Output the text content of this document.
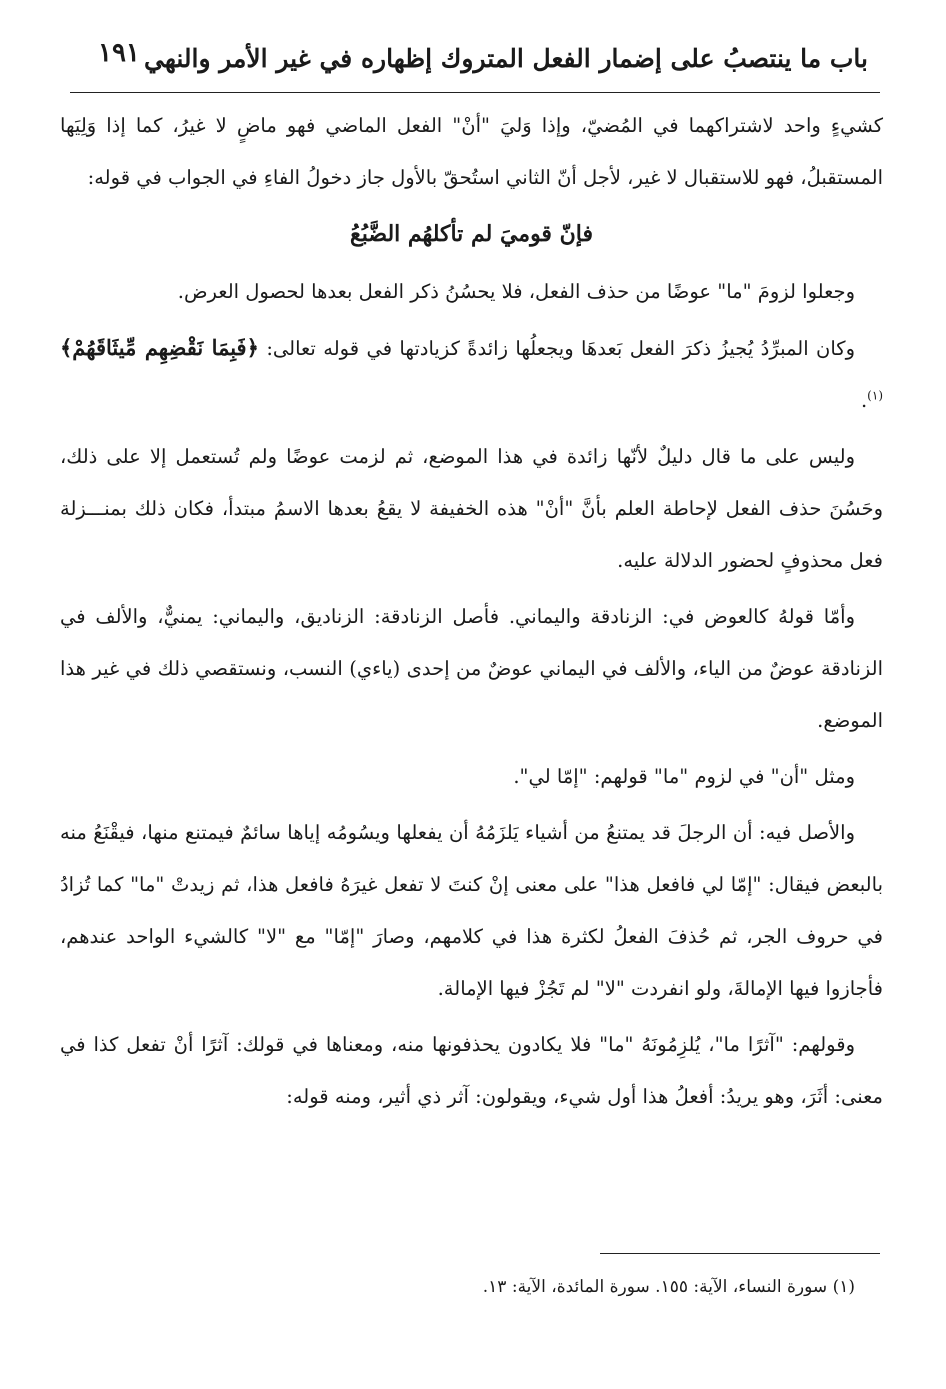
باب ما ينتصبُ على إضمار الفعل المتروك إظهاره في غير الأمر والنهي
١٩١

كشيءٍ واحد لاشتراكهما في المُضيّ، وإذا وَليَ "أنْ" الفعل الماضي فهو ماضٍ لا غيرُ، كما إذا وَلِيَها المستقبلُ، فهو للاستقبال لا غير، لأجل أنّ الثاني استُحقّ بالأول جاز دخولُ الفاءِ في الجواب في قوله:

فإنّ قوميَ لم تأكلهُم الضَّبُعُ

وجعلوا لزومَ "ما" عوضًا من حذف الفعل، فلا يحسُنُ ذكر الفعل بعدها لحصول العرض.

وكان المبرِّدُ يُجيزُ ذكرَ الفعل بَعدهَا ويجعلُها زائدةً كزيادتها في قوله تعالى: ﴿فَبِمَا نَقْضِهِم مِّيثَاقَهُمْ﴾$^{(١)}$.

وليس على ما قال دليلٌ لأنّها زائدة في هذا الموضع، ثم لزمت عوضًا ولم تُستعمل إلا على ذلك، وحَسُنَ حذف الفعل لإحاطة العلم بأنَّ "أنْ" هذه الخفيفة لا يقعُ بعدها الاسمُ مبتدأ، فكان ذلك بمنـــزلة فعل محذوفٍ لحضور الدلالة عليه.

وأمّا قولهُ كالعوض في: الزنادقة واليماني. فأصل الزنادقة: الزناديق، واليماني: يمنيٌّ، والألف في الزنادقة عوضٌ من الياء، والألف في اليماني عوضٌ من إحدى (ياءي) النسب، ونستقصي ذلك في غير هذا الموضع.

ومثل "أن" في لزوم "ما" قولهم: "إمّا لي".

والأصل فيه: أن الرجلَ قد يمتنعُ من أشياء يَلزَمُهُ أن يفعلها ويسُومُه إياها سائمٌ فيمتنع منها، فيقْنَعُ منه بالبعض فيقال: "إمّا لي فافعل هذا" على معنى إنْ كنتَ لا تفعل غيرَهُ فافعل هذا، ثم زيدتْ "ما" كما تُزادُ في حروف الجر، ثم حُذفَ الفعلُ لكثرة هذا في كلامهم، وصارَ "إمّا" مع "لا" كالشيء الواحد عندهم، فأجازوا فيها الإمالةَ، ولو انفردت "لا" لم تَجُزْ فيها الإمالة.

وقولهم: "آثرًا ما"، يُلزِمُونَهُ "ما" فلا يكادون يحذفونها منه، ومعناها في قولك: آثرًا أنْ تفعل كذا في معنى: أثَرَ، وهو يريدُ: أفعلُ هذا أول شيء، ويقولون: آثر ذي أثير، ومنه قوله:

(١) سورة النساء، الآية: ١٥٥. سورة المائدة، الآية: ١٣.
